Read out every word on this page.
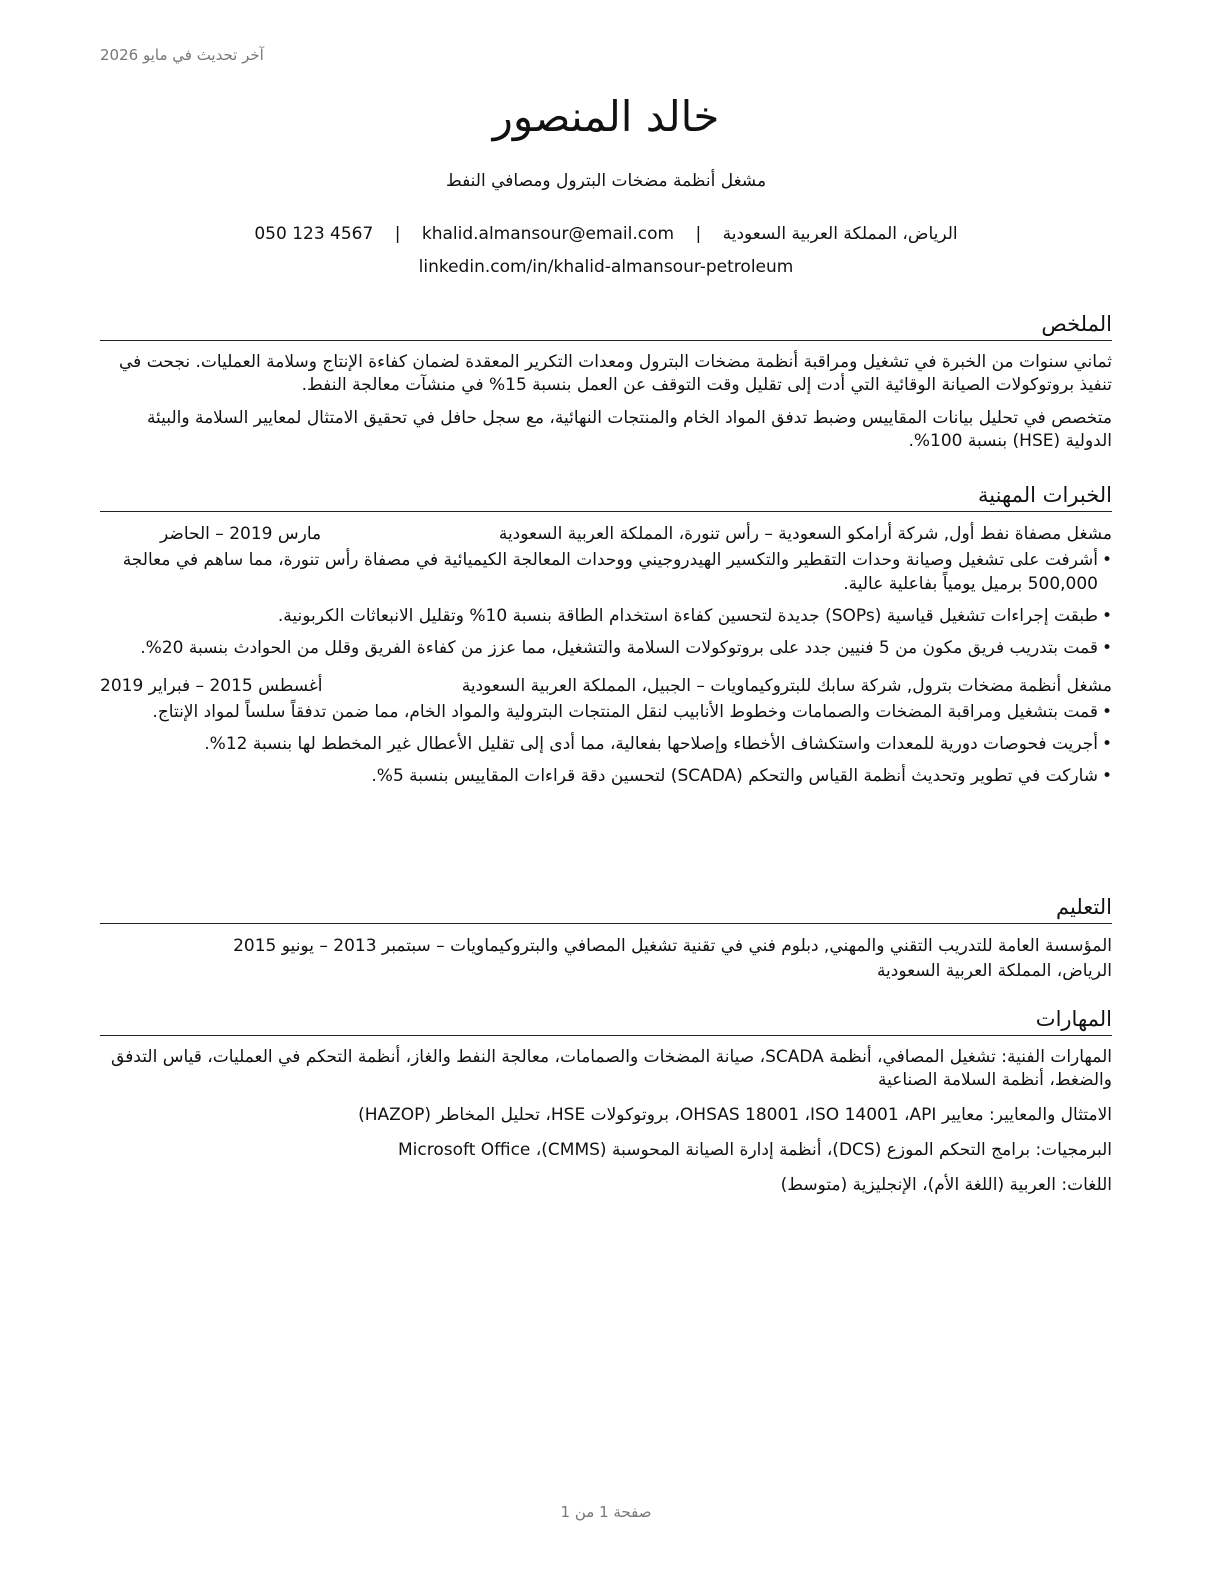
آخر تحديث في مايو 2026
خالد المنصور
مشغل أنظمة مضخات البترول ومصافي النفط
الرياض، المملكة العربية السعودية | khalid.almansour@email.com | 050 123 4567
linkedin.com/in/khalid-almansour-petroleum
الملخص

ثماني سنوات من الخبرة في تشغيل ومراقبة أنظمة مضخات البترول ومعدات التكرير المعقدة لضمان كفاءة الإنتاج وسلامة العمليات. نجحت في تنفيذ بروتوكولات الصيانة الوقائية التي أدت إلى تقليل وقت التوقف عن العمل بنسبة 15% في منشآت معالجة النفط.

متخصص في تحليل بيانات المقاييس وضبط تدفق المواد الخام والمنتجات النهائية، مع سجل حافل في تحقيق الامتثال لمعايير السلامة والبيئة الدولية (HSE) بنسبة 100%.

الخبرات المهنية
مشغل مصفاة نفط أول, شركة أرامكو السعودية – رأس تنورة، المملكة العربية السعودية
مارس 2019 – الحاضر
• أشرفت على تشغيل وصيانة وحدات التقطير والتكسير الهيدروجيني ووحدات المعالجة الكيميائية في مصفاة رأس تنورة، مما ساهم في معالجة 500,000 برميل يومياً بفاعلية عالية.
• طبقت إجراءات تشغيل قياسية (SOPs) جديدة لتحسين كفاءة استخدام الطاقة بنسبة 10% وتقليل الانبعاثات الكربونية.
• قمت بتدريب فريق مكون من 5 فنيين جدد على بروتوكولات السلامة والتشغيل، مما عزز من كفاءة الفريق وقلل من الحوادث بنسبة 20%.
مشغل أنظمة مضخات بترول, شركة سابك للبتروكيماويات – الجبيل، المملكة العربية السعودية
أغسطس 2015 – فبراير 2019
• قمت بتشغيل ومراقبة المضخات والصمامات وخطوط الأنابيب لنقل المنتجات البترولية والمواد الخام، مما ضمن تدفقاً سلساً لمواد الإنتاج.
• أجريت فحوصات دورية للمعدات واستكشاف الأخطاء وإصلاحها بفعالية، مما أدى إلى تقليل الأعطال غير المخطط لها بنسبة 12%.
• شاركت في تطوير وتحديث أنظمة القياس والتحكم (SCADA) لتحسين دقة قراءات المقاييس بنسبة 5%.
التعليم

المؤسسة العامة للتدريب التقني والمهني, دبلوم فني في تقنية تشغيل المصافي والبتروكيماويات – سبتمبر 2013 – يونيو 2015

الرياض، المملكة العربية السعودية

المهارات

المهارات الفنية: تشغيل المصافي، أنظمة SCADA، صيانة المضخات والصمامات، معالجة النفط والغاز، أنظمة التحكم في العمليات، قياس التدفق والضغط، أنظمة السلامة الصناعية

الامتثال والمعايير: معايير OHSAS 18001 ،ISO 14001 ،API، بروتوكولات HSE، تحليل المخاطر (HAZOP)

البرمجيات: برامج التحكم الموزع (DCS)، أنظمة إدارة الصيانة المحوسبة (CMMS)، Microsoft Office

اللغات: العربية (اللغة الأم)، الإنجليزية (متوسط)

صفحة 1 من 1
